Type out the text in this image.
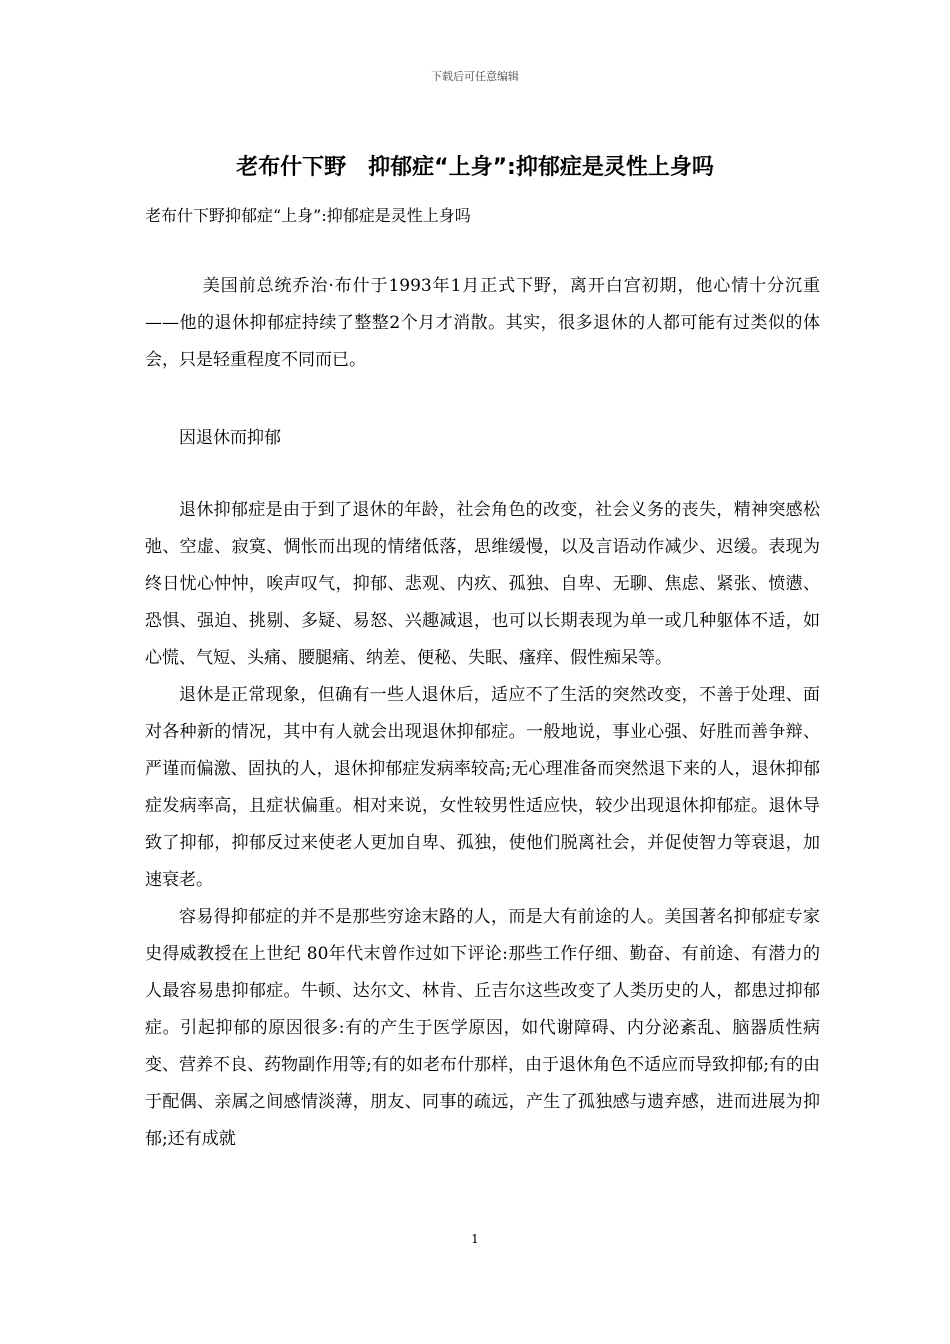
下载后可任意编辑
老布什下野　抑郁症“上身”:抑郁症是灵性上身吗
老布什下野抑郁症“上身”:抑郁症是灵性上身吗

美国前总统乔治·布什于1993年1月正式下野，离开白宫初期，他心情十分沉重——他的退休抑郁症持续了整整2个月才消散。其实，很多退休的人都可能有过类似的体会，只是轻重程度不同而已。

因退休而抑郁

退休抑郁症是由于到了退休的年龄，社会角色的改变，社会义务的丧失，精神突感松弛、空虚、寂寞、惆怅而出现的情绪低落，思维缓慢，以及言语动作减少、迟缓。表现为终日忧心忡忡，唉声叹气，抑郁、悲观、内疚、孤独、自卑、无聊、焦虑、紧张、愤懑、恐惧、强迫、挑剔、多疑、易怒、兴趣减退，也可以长期表现为单一或几种躯体不适，如心慌、气短、头痛、腰腿痛、纳差、便秘、失眠、瘙痒、假性痴呆等。

退休是正常现象，但确有一些人退休后，适应不了生活的突然改变，不善于处理、面对各种新的情况，其中有人就会出现退休抑郁症。一般地说，事业心强、好胜而善争辩、严谨而偏激、固执的人，退休抑郁症发病率较高;无心理准备而突然退下来的人，退休抑郁症发病率高，且症状偏重。相对来说，女性较男性适应快，较少出现退休抑郁症。退休导致了抑郁，抑郁反过来使老人更加自卑、孤独，使他们脱离社会，并促使智力等衰退，加速衰老。

容易得抑郁症的并不是那些穷途末路的人，而是大有前途的人。美国著名抑郁症专家史得威教授在上世纪 80年代末曾作过如下评论:那些工作仔细、勤奋、有前途、有潜力的人最容易患抑郁症。牛顿、达尔文、林肯、丘吉尔这些改变了人类历史的人，都患过抑郁症。引起抑郁的原因很多:有的产生于医学原因，如代谢障碍、内分泌紊乱、脑器质性病变、营养不良、药物副作用等;有的如老布什那样，由于退休角色不适应而导致抑郁;有的由于配偶、亲属之间感情淡薄，朋友、同事的疏远，产生了孤独感与遗弃感，进而进展为抑郁;还有成就

1
